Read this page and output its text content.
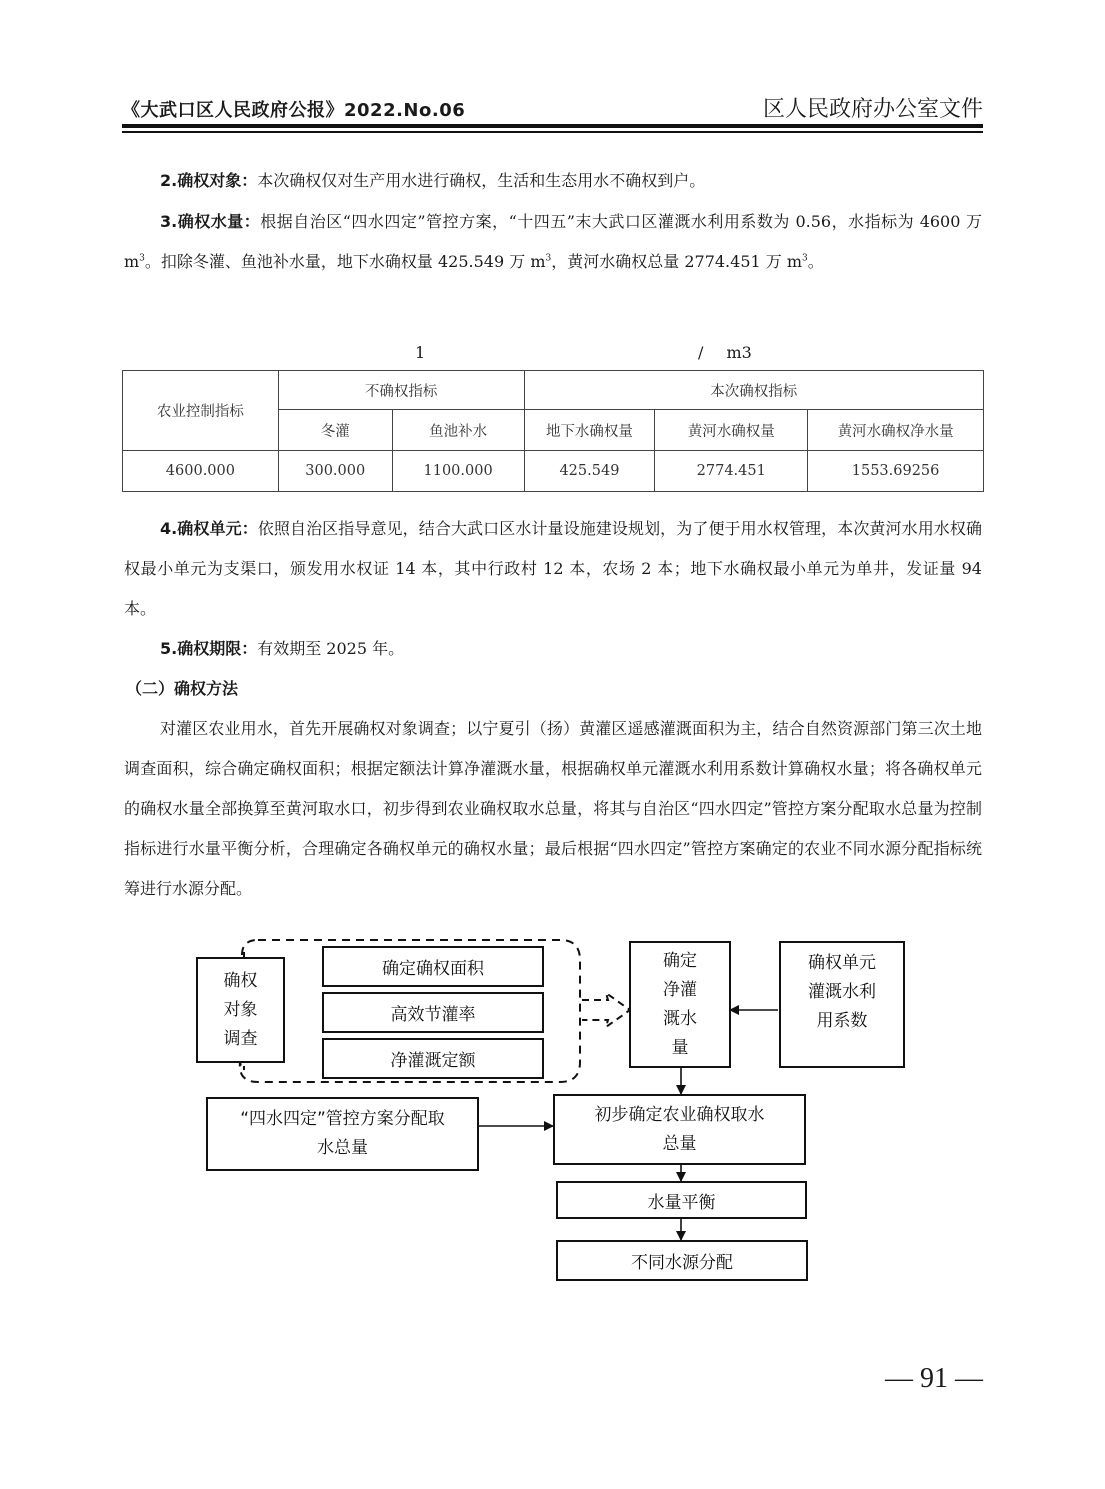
《大武口区人民政府公报》2022.No.06	区人民政府办公室文件
2.确权对象：本次确权仅对生产用水进行确权，生活和生态用水不确权到户。
3.确权水量：根据自治区“四水四定”管控方案，“十四五”末大武口区灌溉水利用系数为 0.56，水指标为 4600 万 $m^3$。扣除冬灌、鱼池补水量，地下水确权量 425.549 万 $m^3$，黄河水确权总量 2774.451 万 $m^3$。
1	/ m3
农业控制指标	不确权指标		本次确权指标		
	冬灌	鱼池补水	地下水确权量	黄河水确权量	黄河水确权净水量
4600.000	300.000	1100.000	425.549	2774.451	1553.69256
4.确权单元：依照自治区指导意见，结合大武口区水计量设施建设规划，为了便于用水权管理，本次黄河水用水权确权最小单元为支渠口，颁发用水权证 14 本，其中行政村 12 本，农场 2 本；地下水确权最小单元为单井，发证量 94 本。
5.确权期限：有效期至 2025 年。
（二）确权方法
对灌区农业用水，首先开展确权对象调查；以宁夏引（扬）黄灌区遥感灌溉面积为主，结合自然资源部门第三次土地调查面积，综合确定确权面积；根据定额法计算净灌溉水量，根据确权单元灌溉水利用系数计算确权水量；将各确权单元的确权水量全部换算至黄河取水口，初步得到农业确权取水总量，将其与自治区“四水四定”管控方案分配取水总量为控制指标进行水量平衡分析，合理确定各确权单元的确权水量；最后根据“四水四定”管控方案确定的农业不同水源分配指标统筹进行水源分配。
确权
对象
调查
确定确权面积
高效节灌率
净灌溉定额
确定
净灌
溉水
量
确权单元
灌溉水利
用系数
“四水四定”管控方案分配取
水总量
初步确定农业确权取水
总量
水量平衡
不同水源分配
— 91 —
